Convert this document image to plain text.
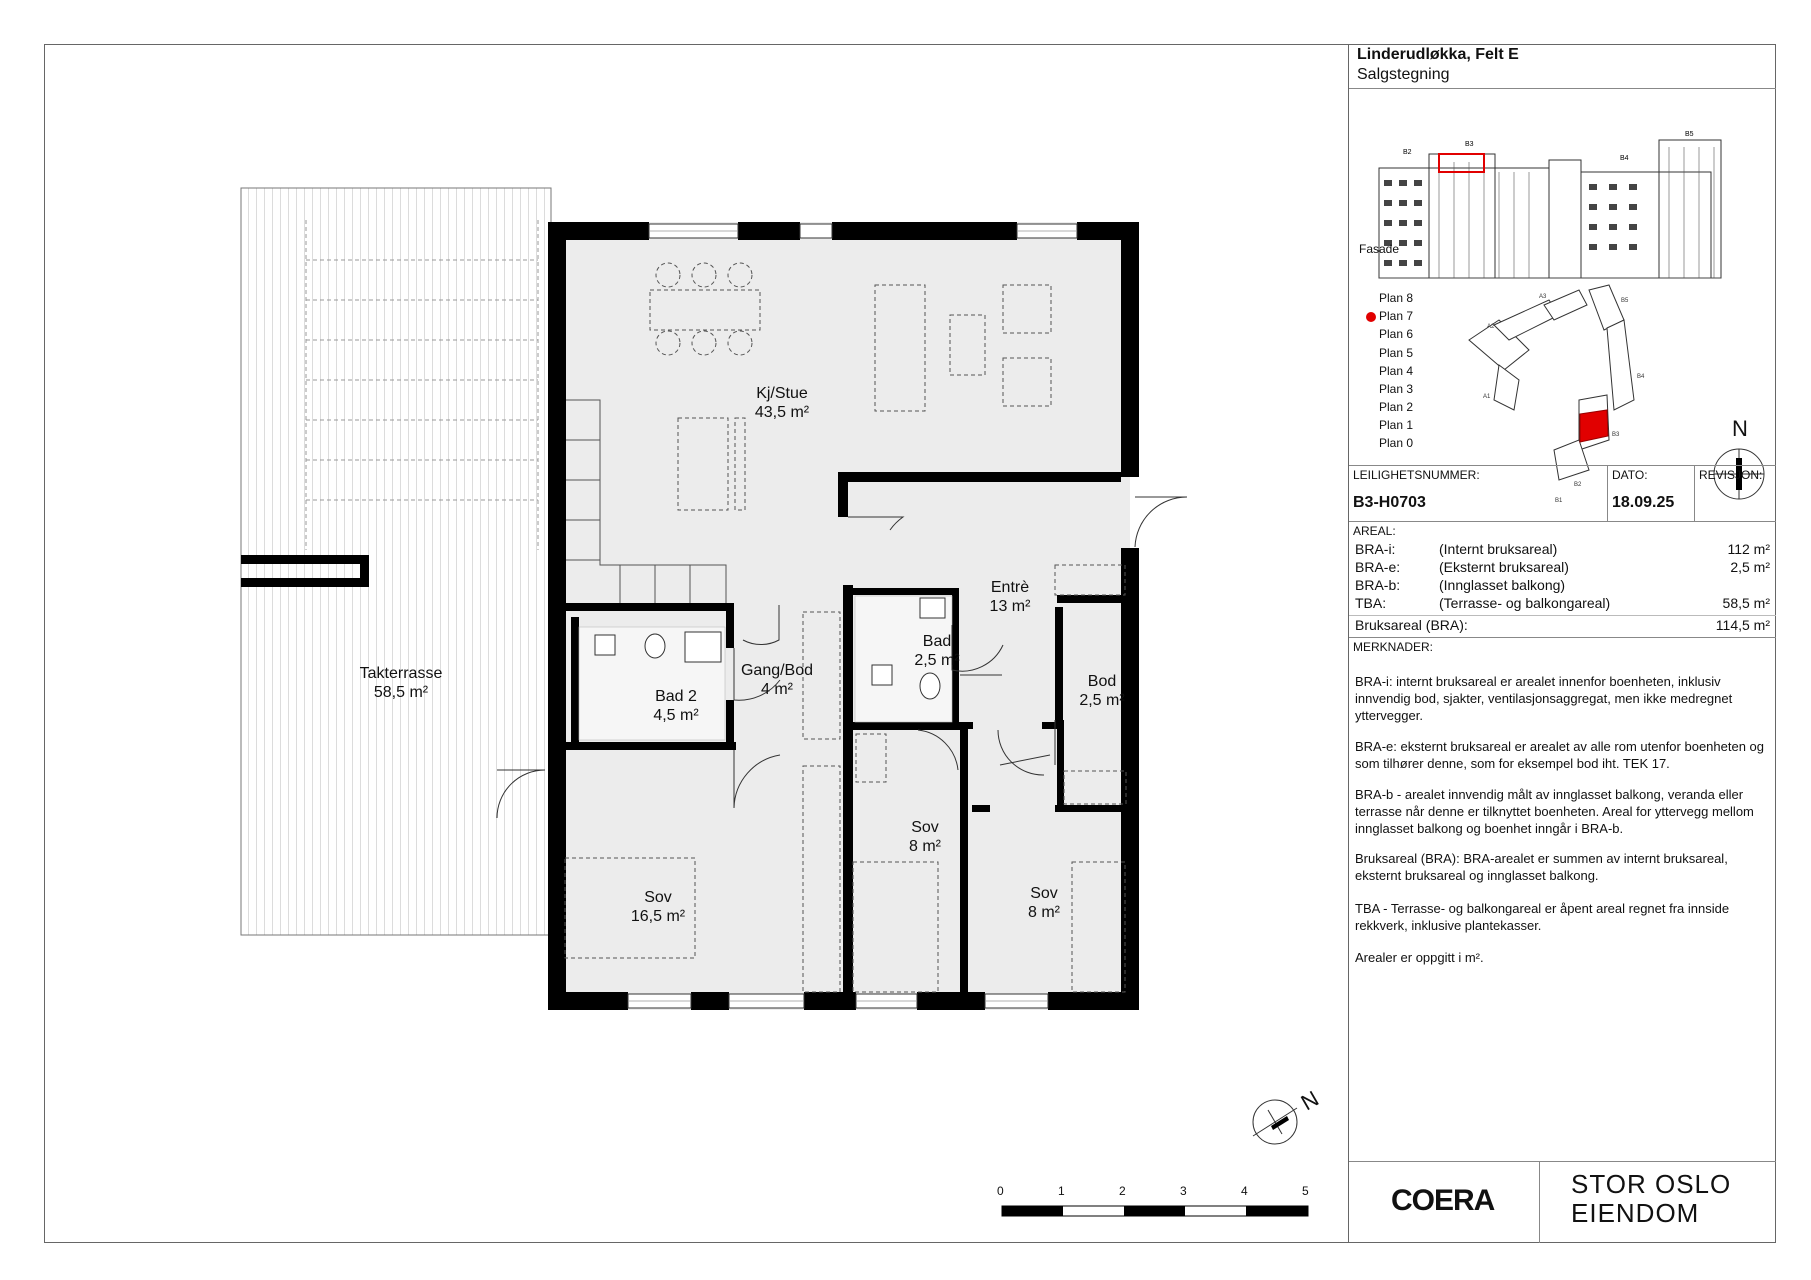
N
0	1	2	3	4	5
Kj/Stue
43,5 m²
Entrè
13 m²
Bad
2,5 m²
Gang/Bod
4 m²
Bad 2
4,5 m²
Bod
2,5 m²
Sov
8 m²
Sov
8 m²
Sov
16,5 m²
Takterrasse
58,5 m²
Linderudløkka, Felt E
Salgstegning
B2
B3
B4
B5
Fasade
Plan 8
Plan 7
Plan 6
Plan 5
Plan 4
Plan 3
Plan 2
Plan 1
Plan 0
A1
A2
A3
B1
B2
B3
B4
B5
N
LEILIGHETSNUMMER:
B3-H0703
DATO:
18.09.25
REVISJON:
AREAL:
BRA-i:	(Internt bruksareal)	112 m²
BRA-e:	(Eksternt bruksareal)	2,5 m²
BRA-b:	(Innglasset balkong)
TBA:	(Terrasse- og balkongareal)	58,5 m²
Bruksareal (BRA):	114,5 m²
MERKNADER:
BRA-i: internt bruksareal er arealet innenfor boenheten, inklusiv innvendig bod, sjakter, ventilasjonsaggregat, men ikke medregnet yttervegger.
BRA-e: eksternt bruksareal er arealet av alle rom utenfor boenheten og som tilhører denne, som for eksempel bod iht. TEK 17.
BRA-b - arealet innvendig målt av innglasset balkong, veranda eller terrasse når denne er tilknyttet boenheten. Areal for yttervegg mellom innglasset balkong og boenhet inngår i BRA-b.
Bruksareal (BRA): BRA-arealet er summen av internt bruksareal, eksternt bruksareal og innglasset balkong.
TBA - Terrasse- og balkongareal er åpent areal regnet fra innside rekkverk, inklusive plantekasser.
Arealer er oppgitt i m².
COERA	STOR OSLO
EIENDOM
